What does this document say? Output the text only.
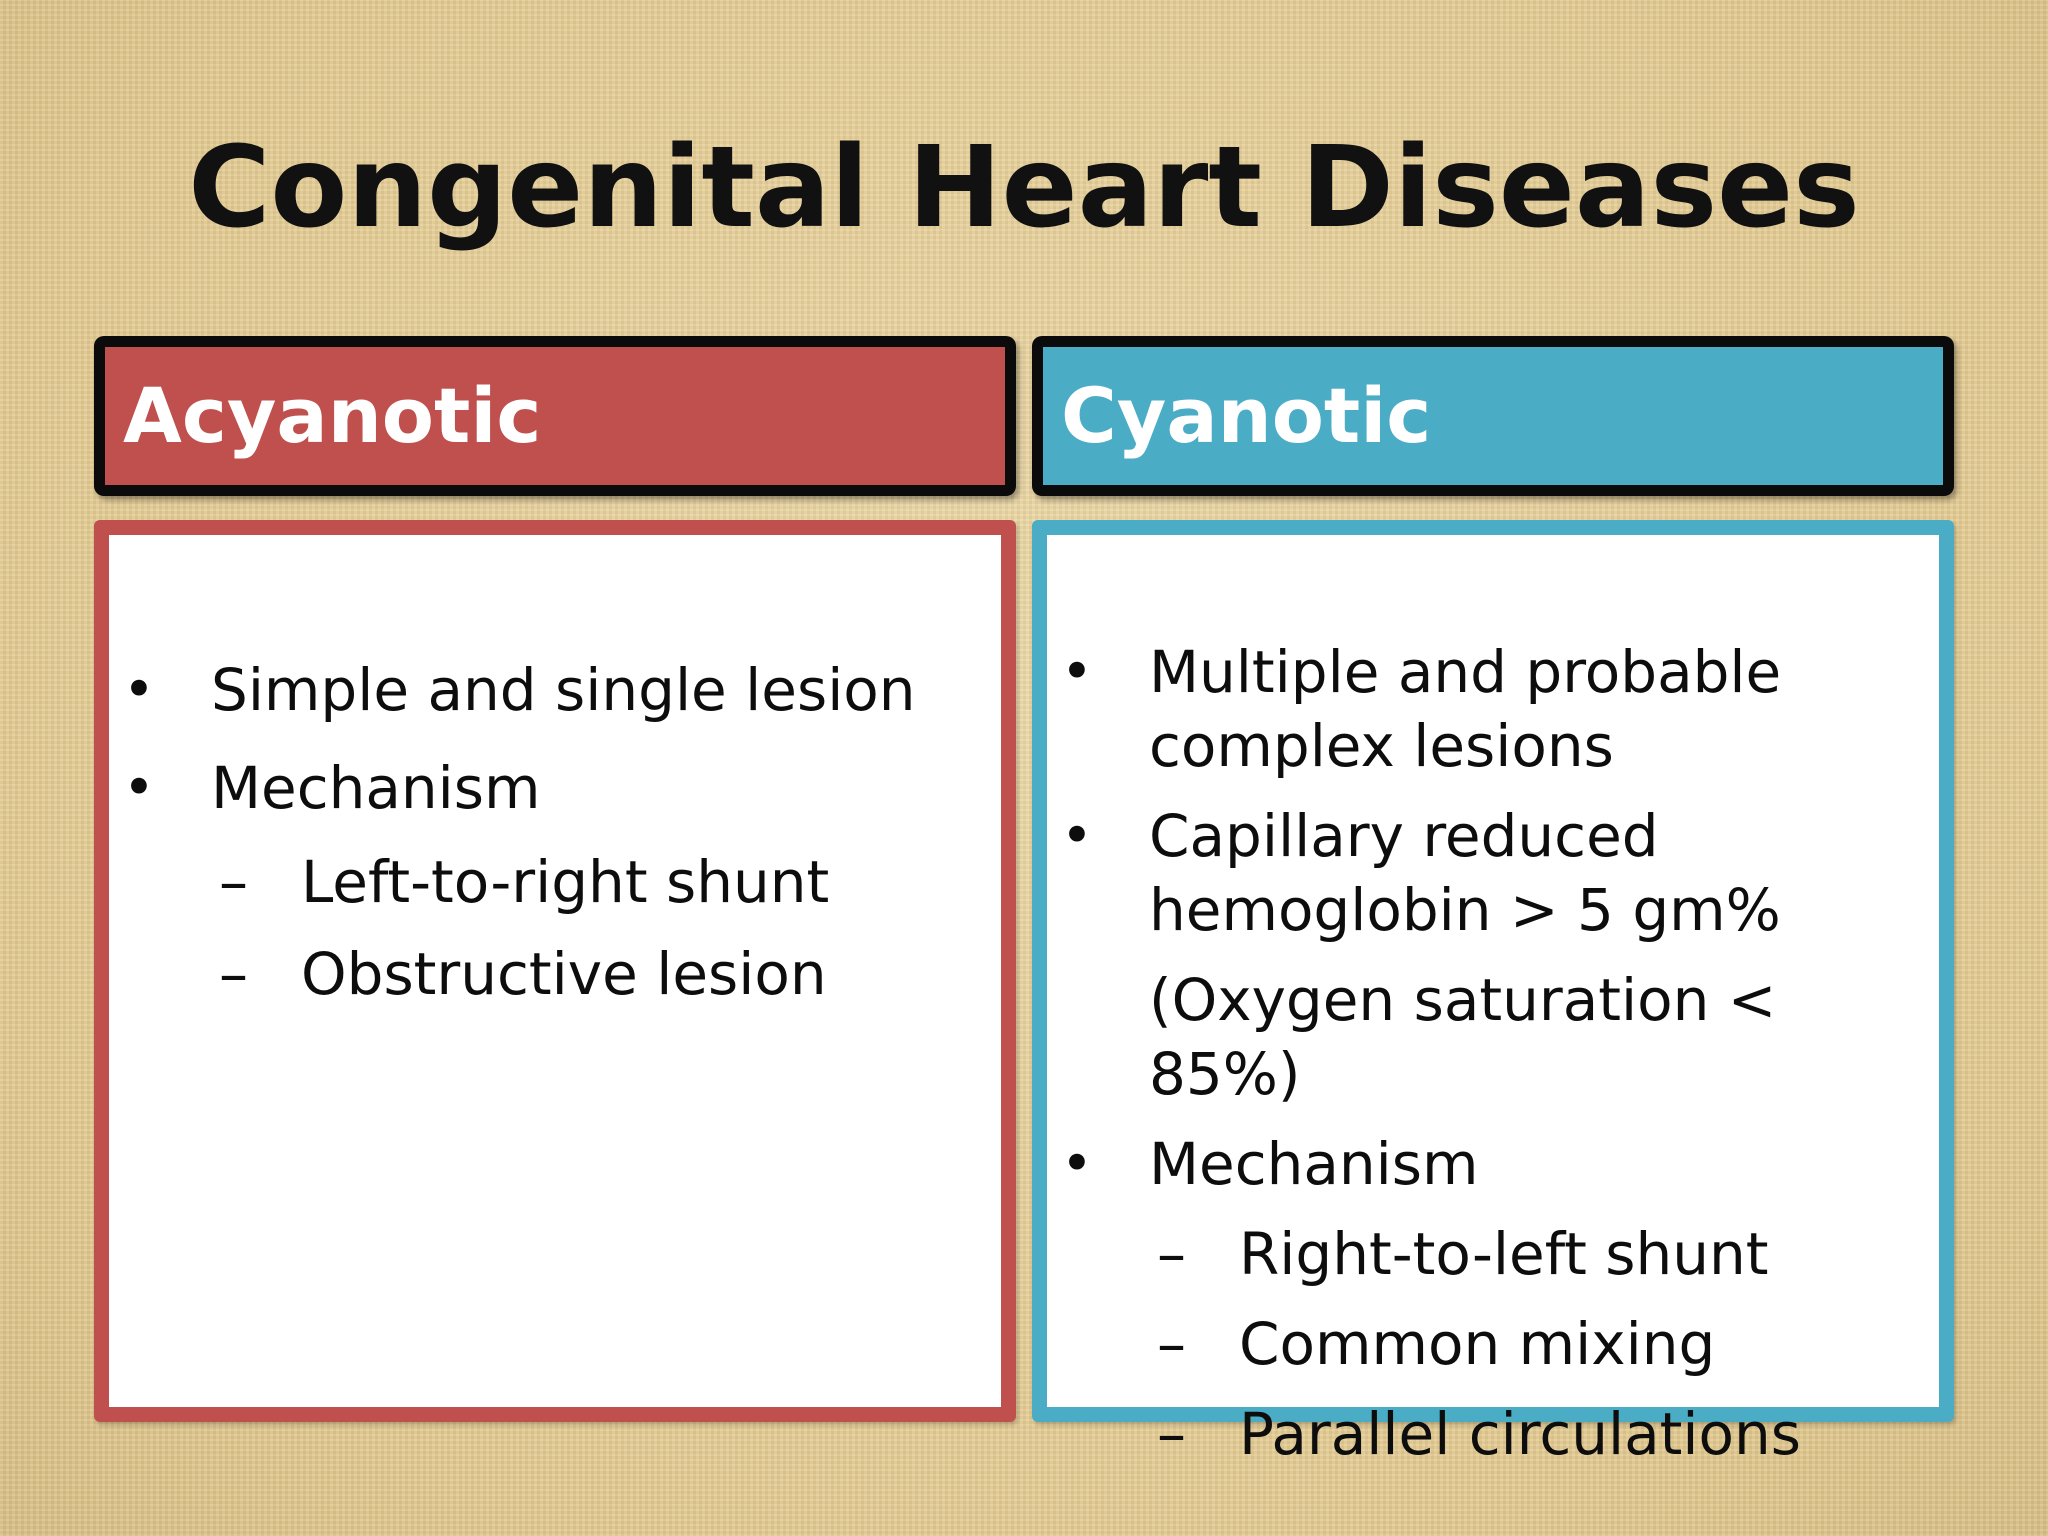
Congenital Heart Diseases
Acyanotic	Cyanotic
• Simple and single lesion
• Mechanism
– Left-to-right shunt
– Obstructive lesion
• Multiple and probable
complex lesions
• Capillary reduced
hemoglobin > 5 gm%
(Oxygen saturation < 85%)
• Mechanism
– Right-to-left shunt
– Common mixing
– Parallel circulations
